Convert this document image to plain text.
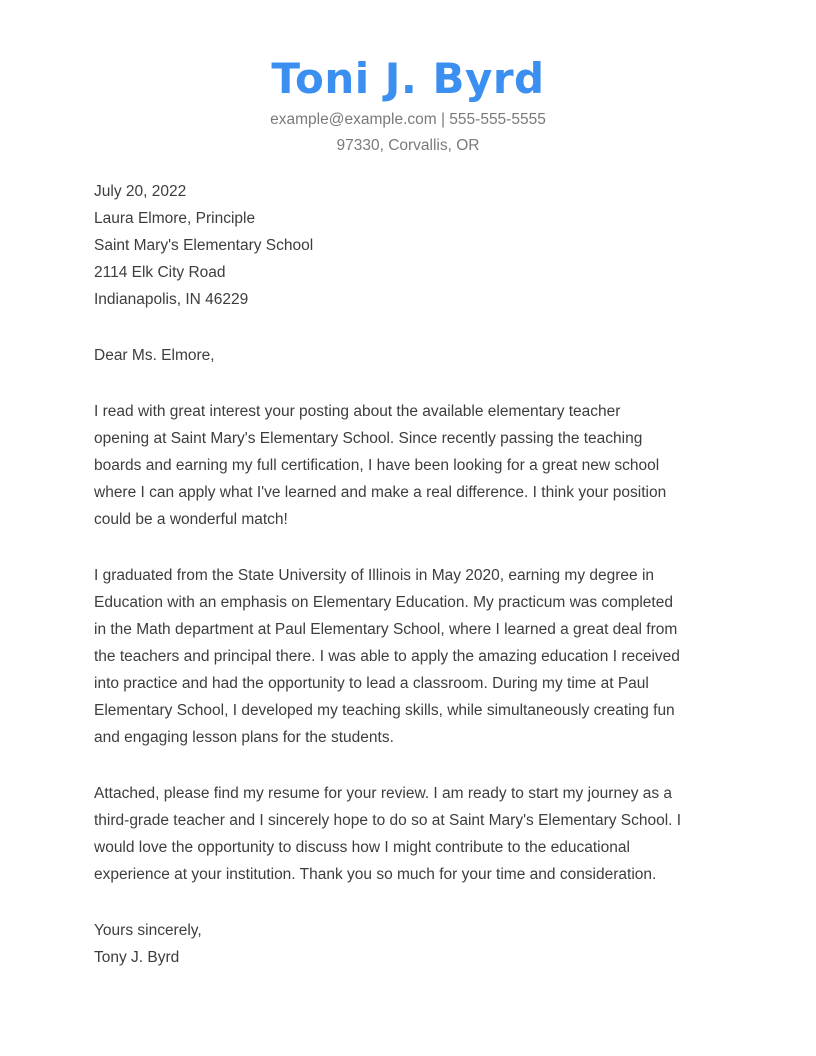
Toni J. Byrd
example@example.com | 555-555-5555
97330, Corvallis, OR

July 20, 2022

Laura Elmore, Principle

Saint Mary's Elementary School

2114 Elk City Road

Indianapolis, IN 46229

Dear Ms. Elmore,

I read with great interest your posting about the available elementary teacher

opening at Saint Mary's Elementary School. Since recently passing the teaching

boards and earning my full certification, I have been looking for a great new school

where I can apply what I've learned and make a real difference. I think your position

could be a wonderful match!

I graduated from the State University of Illinois in May 2020, earning my degree in

Education with an emphasis on Elementary Education. My practicum was completed

in the Math department at Paul Elementary School, where I learned a great deal from

the teachers and principal there. I was able to apply the amazing education I received

into practice and had the opportunity to lead a classroom. During my time at Paul

Elementary School, I developed my teaching skills, while simultaneously creating fun

and engaging lesson plans for the students.

Attached, please find my resume for your review. I am ready to start my journey as a

third-grade teacher and I sincerely hope to do so at Saint Mary's Elementary School. I

would love the opportunity to discuss how I might contribute to the educational

experience at your institution. Thank you so much for your time and consideration.

Yours sincerely,

Tony J. Byrd
